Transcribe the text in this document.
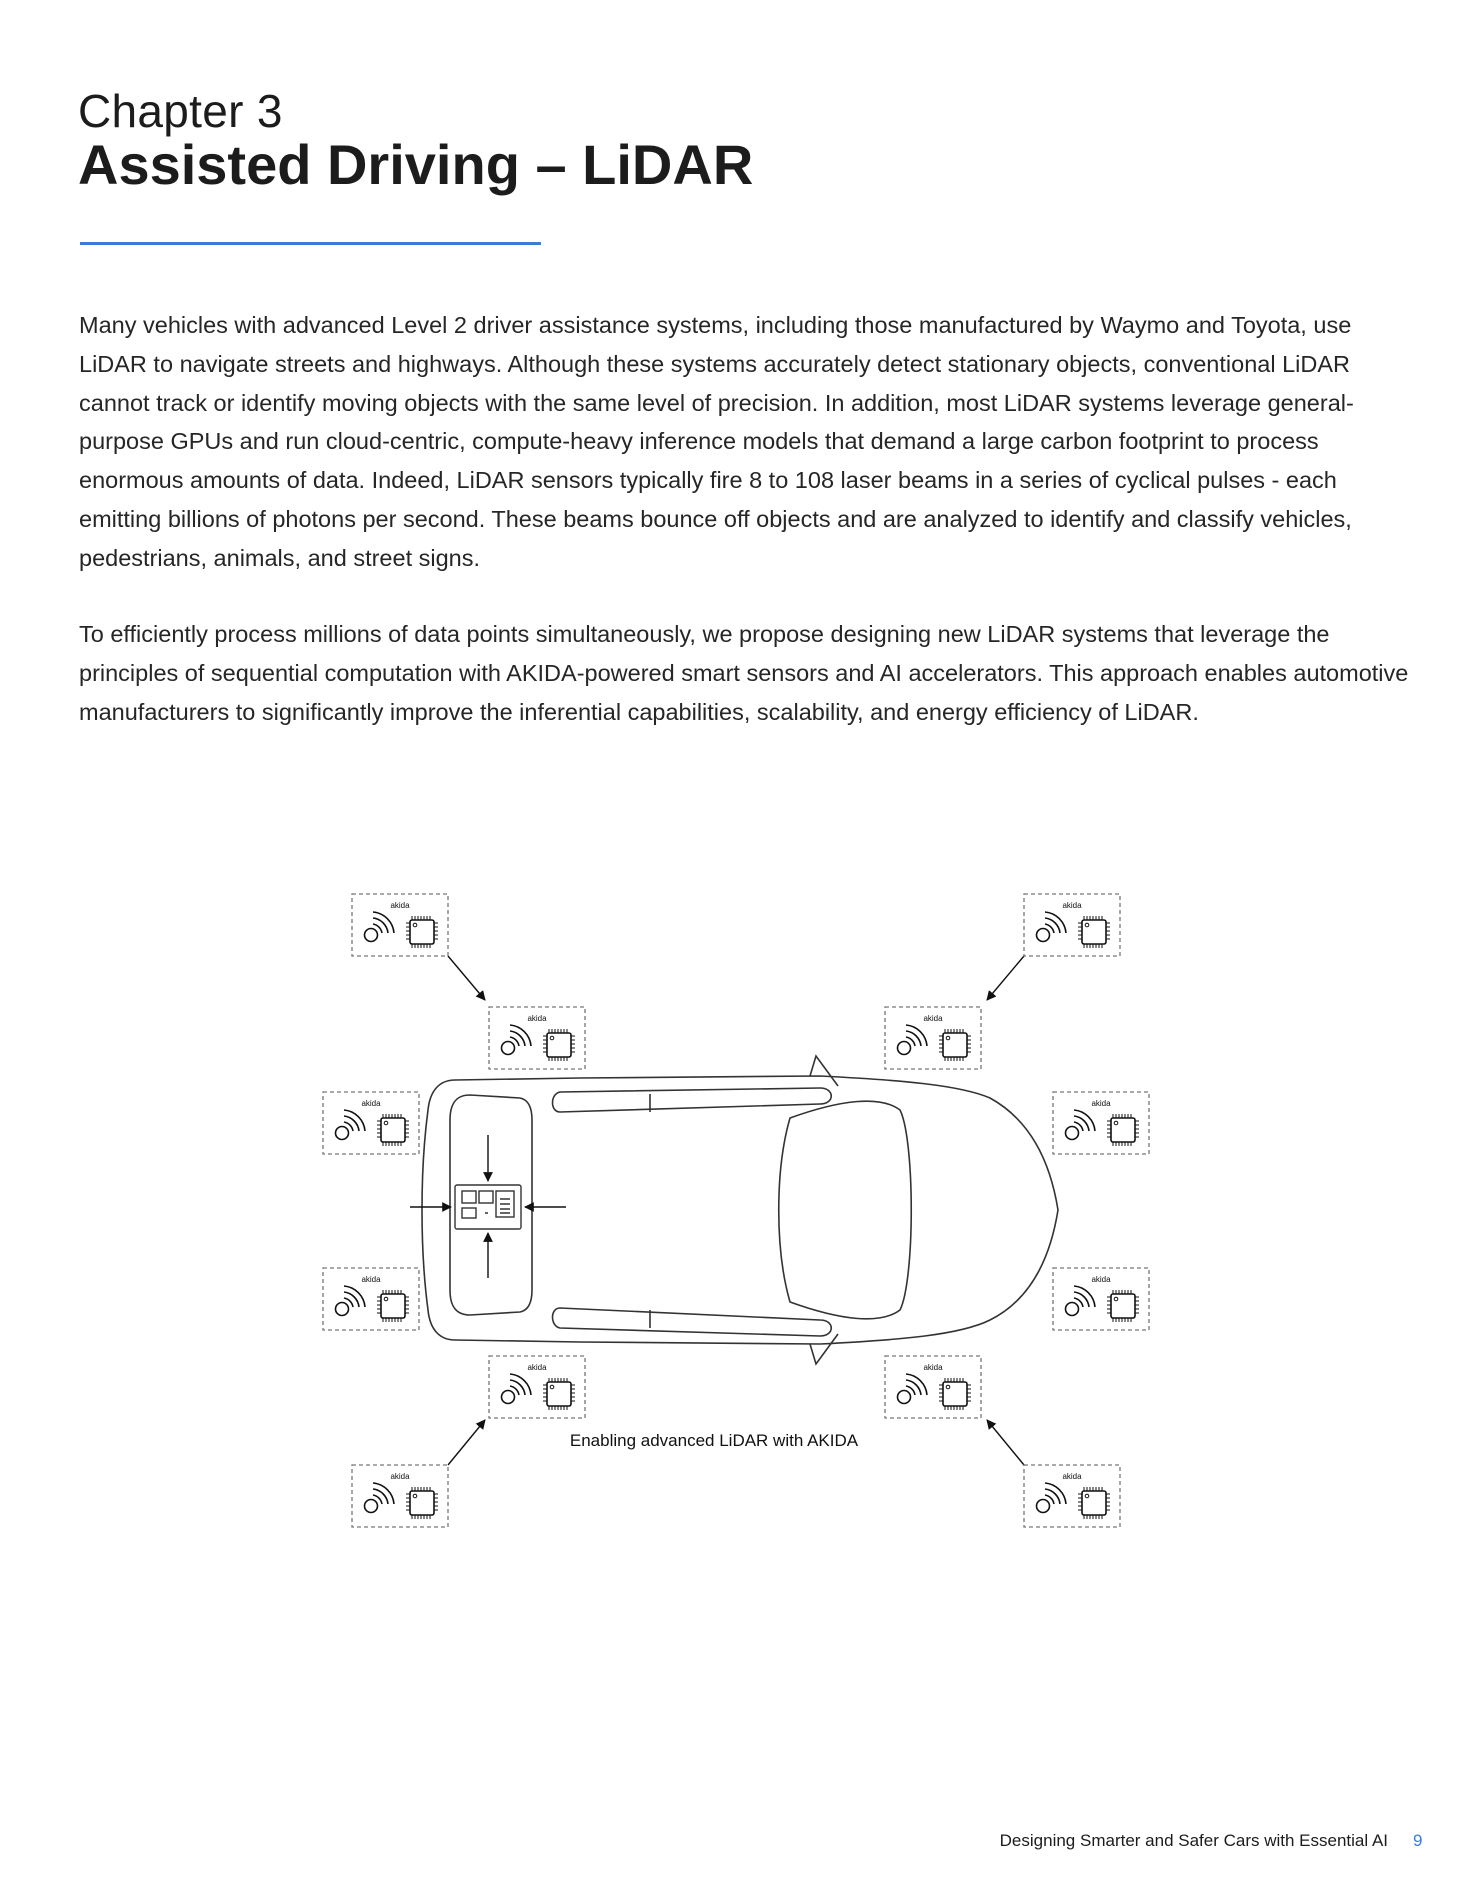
Chapter 3
Assisted Driving – LiDAR

Many vehicles with advanced Level 2 driver assistance systems, including those manufactured by Waymo and Toyota, use LiDAR to navigate streets and highways. Although these systems accurately detect stationary objects, conventional LiDAR cannot track or identify moving objects with the same level of precision. In addition, most LiDAR systems leverage general-purpose GPUs and run cloud-centric, compute-heavy inference models that demand a large carbon footprint to process enormous amounts of data. Indeed, LiDAR sensors typically fire 8 to 108 laser beams in a series of cyclical pulses - each emitting billions of photons per second. These beams bounce off objects and are analyzed to identify and classify vehicles, pedestrians, animals, and street signs.

To efficiently process millions of data points simultaneously, we propose designing new LiDAR systems that leverage the principles of sequential computation with AKIDA-powered smart sensors and AI accelerators. This approach enables automotive manufacturers to significantly improve the inferential capabilities, scalability, and energy efficiency of LiDAR.

akida	akida
akida	akida
akida	akida
akida	akida
akida	akida
akida	akida
Enabling advanced LiDAR with AKIDA

Designing Smarter and Safer Cars with Essential AI 9
